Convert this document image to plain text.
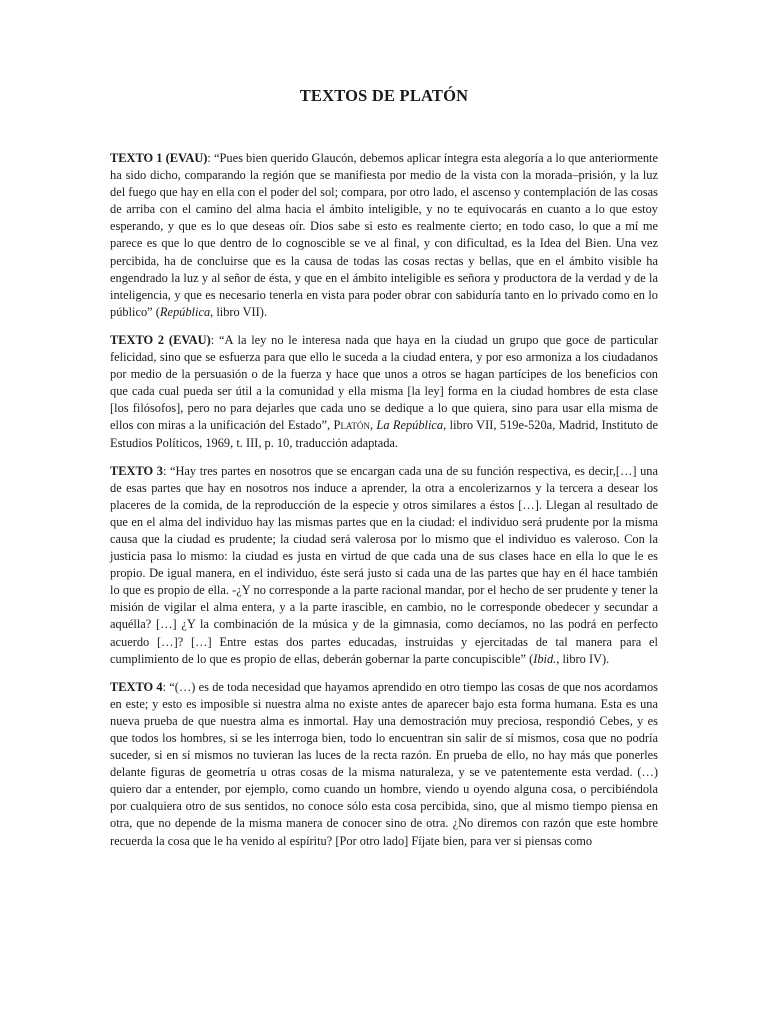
TEXTOS DE PLATÓN

TEXTO 1 (EVAU): “Pues bien querido Glaucón, debemos aplicar íntegra esta alegoría a lo que anteriormente ha sido dicho, comparando la región que se manifiesta por medio de la vista con la morada–prisión, y la luz del fuego que hay en ella con el poder del sol; compara, por otro lado, el ascenso y contemplación de las cosas de arriba con el camino del alma hacia el ámbito inteligible, y no te equivocarás en cuanto a lo que estoy esperando, y que es lo que deseas oír. Dios sabe si esto es realmente cierto; en todo caso, lo que a mí me parece es que lo que dentro de lo cognoscible se ve al final, y con dificultad, es la Idea del Bien. Una vez percibida, ha de concluirse que es la causa de todas las cosas rectas y bellas, que en el ámbito visible ha engendrado la luz y al señor de ésta, y que en el ámbito inteligible es señora y productora de la verdad y de la inteligencia, y que es necesario tenerla en vista para poder obrar con sabiduría tanto en lo privado como en lo público” (República, libro VII).

TEXTO 2 (EVAU): “A la ley no le interesa nada que haya en la ciudad un grupo que goce de particular felicidad, sino que se esfuerza para que ello le suceda a la ciudad entera, y por eso armoniza a los ciudadanos por medio de la persuasión o de la fuerza y hace que unos a otros se hagan partícipes de los beneficios con que cada cual pueda ser útil a la comunidad y ella misma [la ley] forma en la ciudad hombres de esta clase [los filósofos], pero no para dejarles que cada uno se dedique a lo que quiera, sino para usar ella misma de ellos con miras a la unificación del Estado”, Platón, La República, libro VII, 519e-520a, Madrid, Instituto de Estudios Políticos, 1969, t. III, p. 10, traducción adaptada.

TEXTO 3: “Hay tres partes en nosotros que se encargan cada una de su función respectiva, es decir,[…] una de esas partes que hay en nosotros nos induce a aprender, la otra a encolerizarnos y la tercera a desear los placeres de la comida, de la reproducción de la especie y otros similares a éstos […]. Llegan al resultado de que en el alma del individuo hay las mismas partes que en la ciudad: el individuo será prudente por la misma causa que la ciudad es prudente; la ciudad será valerosa por lo mismo que el individuo es valeroso. Con la justicia pasa lo mismo: la ciudad es justa en virtud de que cada una de sus clases hace en ella lo que le es propio. De igual manera, en el individuo, éste será justo si cada una de las partes que hay en él hace también lo que es propio de ella. -¿Y no corresponde a la parte racional mandar, por el hecho de ser prudente y tener la misión de vigilar el alma entera, y a la parte irascible, en cambio, no le corresponde obedecer y secundar a aquélla? […] ¿Y la combinación de la música y de la gimnasia, como decíamos, no las podrá en perfecto acuerdo […]? […] Entre estas dos partes educadas, instruidas y ejercitadas de tal manera para el cumplimiento de lo que es propio de ellas, deberán gobernar la parte concupiscible” (Ibid., libro IV).

TEXTO 4: “(…) es de toda necesidad que hayamos aprendido en otro tiempo las cosas de que nos acordamos en este; y esto es imposible si nuestra alma no existe antes de aparecer bajo esta forma humana. Esta es una nueva prueba de que nuestra alma es inmortal. Hay una demostración muy preciosa, respondió Cebes, y es que todos los hombres, si se les interroga bien, todo lo encuentran sin salir de sí mismos, cosa que no podría suceder, si en sí mismos no tuvieran las luces de la recta razón. En prueba de ello, no hay más que ponerles delante figuras de geometría u otras cosas de la misma naturaleza, y se ve patentemente esta verdad. (…) quiero dar a entender, por ejemplo, como cuando un hombre, viendo u oyendo alguna cosa, o percibiéndola por cualquiera otro de sus sentidos, no conoce sólo esta cosa percibida, sino, que al mismo tiempo piensa en otra, que no depende de la misma manera de conocer sino de otra. ¿No diremos con razón que este hombre recuerda la cosa que le ha venido al espíritu? [Por otro lado] Fíjate bien, para ver si piensas como
